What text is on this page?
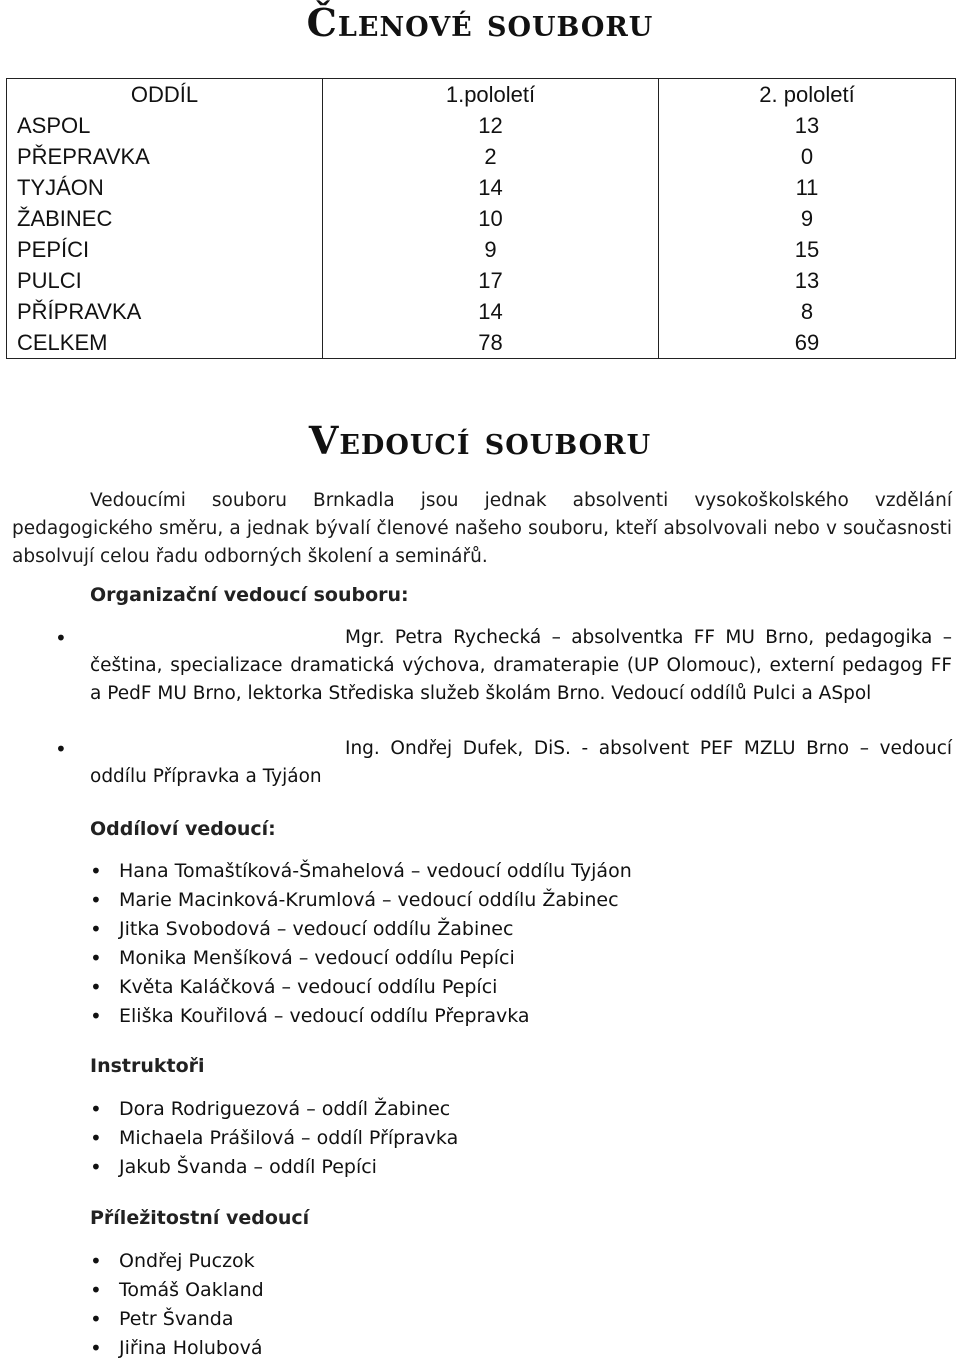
Členové souboru
ODDÍL	1.pololetí	2. pololetí
ASPOL	12	13
PŘEPRAVKA	2	0
TYJÁON	14	11
ŽABINEC	10	9
PEPÍCI	9	15
PULCI	17	13
PŘÍPRAVKA	14	8
CELKEM	78	69
Vedoucí souboru

Vedoucími souboru Brnkadla jsou jednak absolventi vysokoškolského vzdělání pedagogického směru, a jednak bývalí členové našeho souboru, kteří absolvovali nebo v současnosti absolvují celou řadu odborných školení a seminářů.

Organizační vedoucí souboru:
•	Mgr. Petra Rychecká – absolventka FF MU Brno, pedagogika – čeština, specializace dramatická výchova, dramaterapie (UP Olomouc), externí pedagog FF a PedF MU Brno, lektorka Střediska služeb školám Brno. Vedoucí oddílů Pulci a ASpol
•	Ing. Ondřej Dufek, DiS. - absolvent PEF MZLU Brno – vedoucí oddílu Přípravka a Tyjáon
Oddíloví vedoucí:
• Hana Tomaštíková-Šmahelová – vedoucí oddílu Tyjáon
• Marie Macinková-Krumlová – vedoucí oddílu Žabinec
• Jitka Svobodová – vedoucí oddílu Žabinec
• Monika Menšíková – vedoucí oddílu Pepíci
• Květa Kaláčková – vedoucí oddílu Pepíci
• Eliška Kouřilová – vedoucí oddílu Přepravka
Instruktoři
• Dora Rodriguezová – oddíl Žabinec
• Michaela Prášilová – oddíl Přípravka
• Jakub Švanda – oddíl Pepíci
Příležitostní vedoucí
• Ondřej Puczok
• Tomáš Oakland
• Petr Švanda
• Jiřina Holubová
